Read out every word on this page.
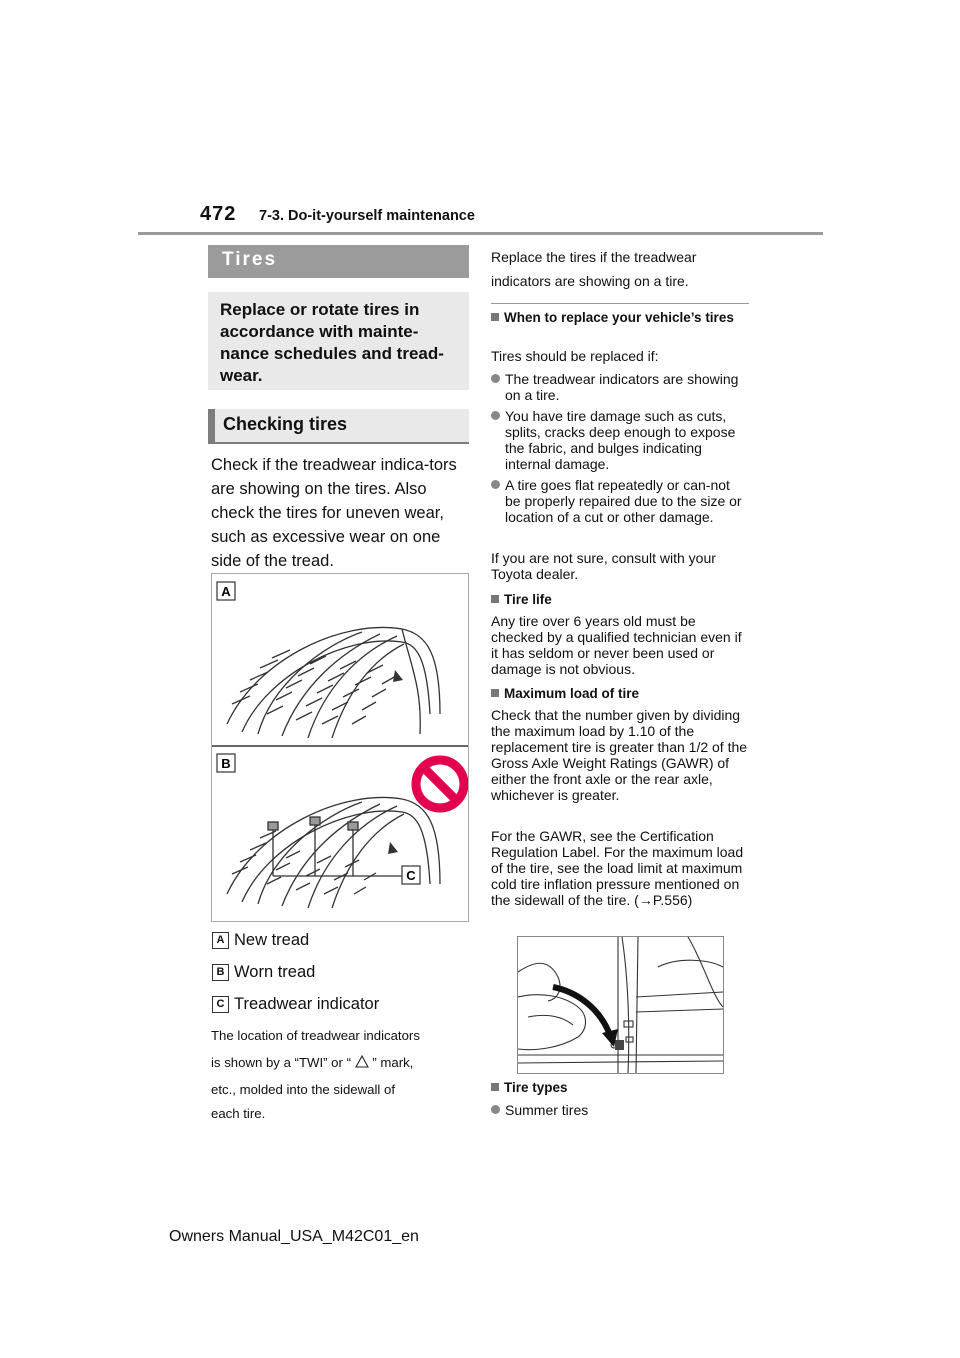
472 7-3. Do-it-yourself maintenance
Tires
Replace or rotate tires in accordance with mainte-nance schedules and tread-wear.
Checking tires
Check if the treadwear indica-tors are showing on the tires. Also check the tires for uneven wear, such as excessive wear on one side of the tread.
A
B
C
A New tread
B Worn tread
C Treadwear indicator
The location of treadwear indicators
is shown by a “TWI” or “ ” mark,
etc., molded into the sidewall of
each tire.
Replace the tires if the treadwear indicators are showing on a tire.
When to replace your vehicle’s tires
Tires should be replaced if:
The treadwear indicators are showing on a tire.
You have tire damage such as cuts, splits, cracks deep enough to expose the fabric, and bulges indicating internal damage.
A tire goes flat repeatedly or can-not be properly repaired due to the size or location of a cut or other damage.
If you are not sure, consult with your Toyota dealer.
Tire life
Any tire over 6 years old must be checked by a qualified technician even if it has seldom or never been used or damage is not obvious.
Maximum load of tire
Check that the number given by dividing the maximum load by 1.10 of the replacement tire is greater than 1/2 of the Gross Axle Weight Ratings (GAWR) of either the front axle or the rear axle, whichever is greater.
For the GAWR, see the Certification Regulation Label. For the maximum load of the tire, see the load limit at maximum cold tire inflation pressure mentioned on the sidewall of the tire. (→P.556)
Tire types
Summer tires
Owners Manual_USA_M42C01_en
